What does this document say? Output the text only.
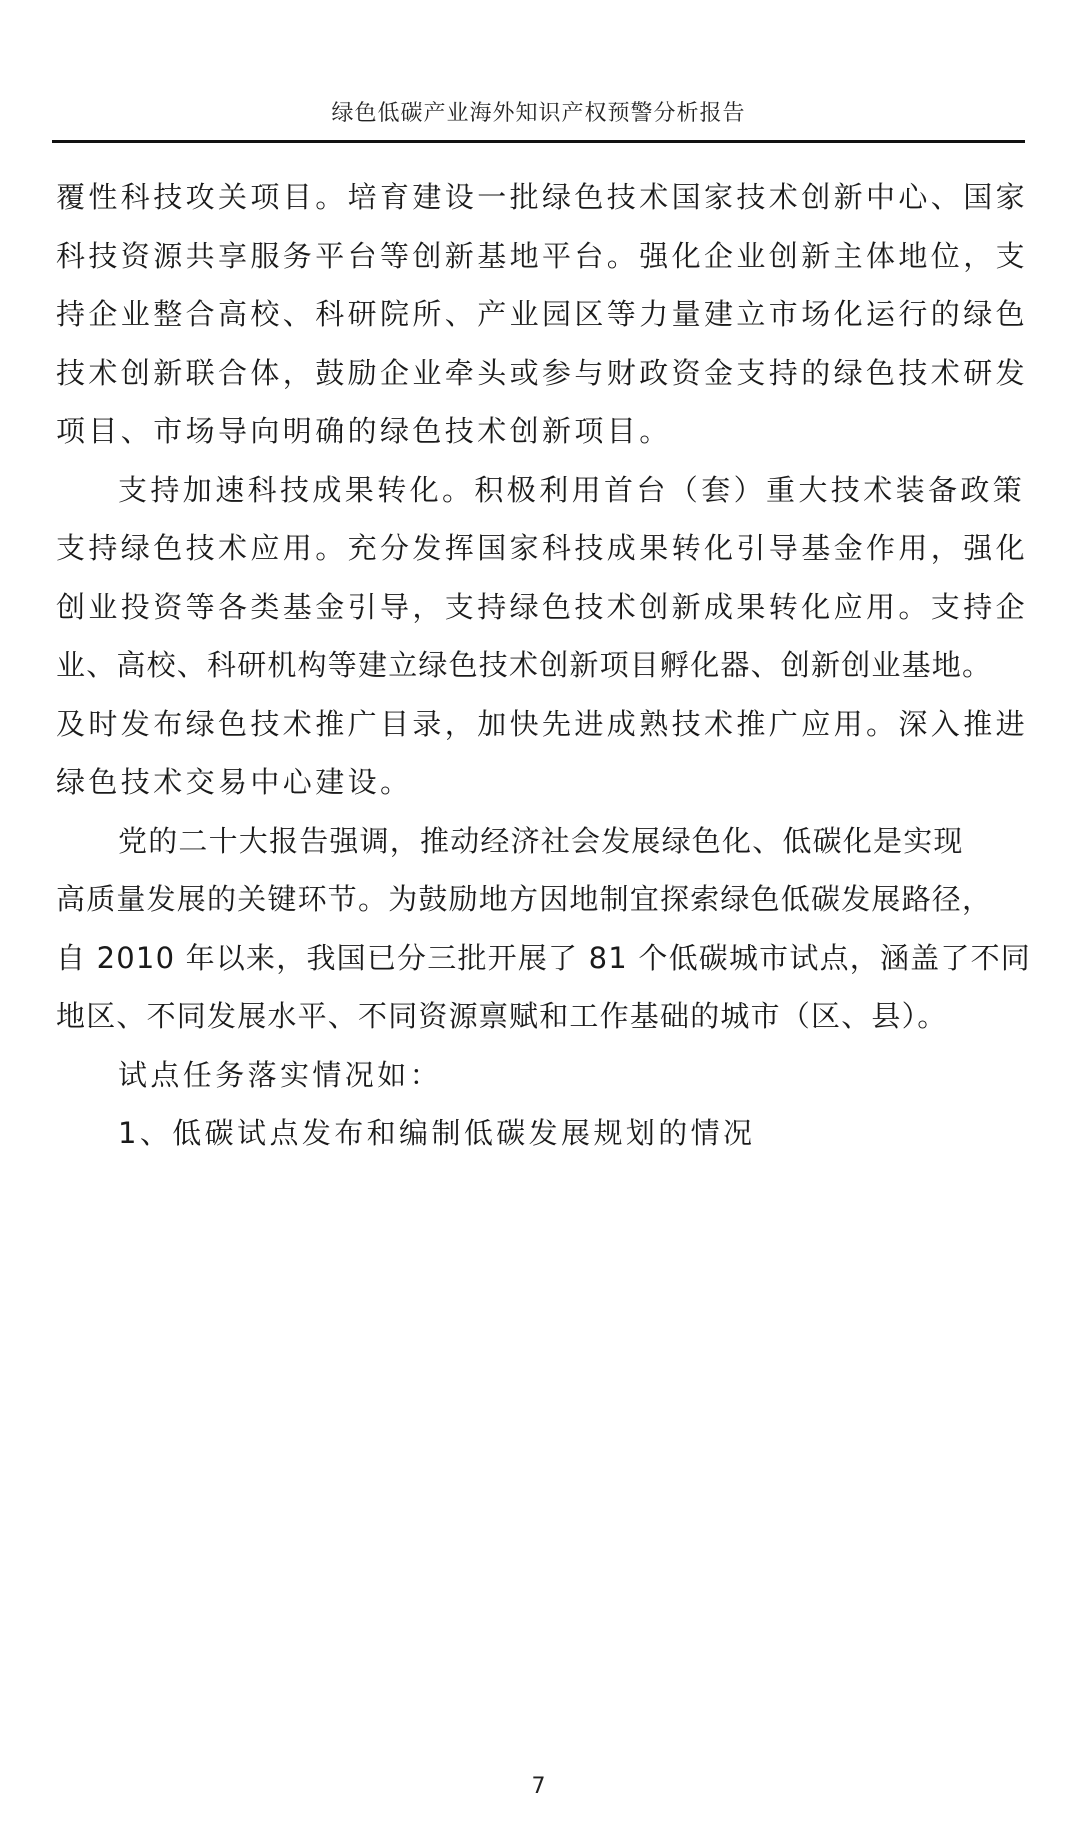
绿色低碳产业海外知识产权预警分析报告
覆性科技攻关项目。培育建设一批绿色技术国家技术创新中心、国家
科技资源共享服务平台等创新基地平台。强化企业创新主体地位，支
持企业整合高校、科研院所、产业园区等力量建立市场化运行的绿色
技术创新联合体，鼓励企业牵头或参与财政资金支持的绿色技术研发
项目、市场导向明确的绿色技术创新项目。
支持加速科技成果转化。积极利用首台（套）重大技术装备政策
支持绿色技术应用。充分发挥国家科技成果转化引导基金作用，强化
创业投资等各类基金引导，支持绿色技术创新成果转化应用。支持企
业、高校、科研机构等建立绿色技术创新项目孵化器、创新创业基地。
及时发布绿色技术推广目录，加快先进成熟技术推广应用。深入推进
绿色技术交易中心建设。
党的二十大报告强调，推动经济社会发展绿色化、低碳化是实现
高质量发展的关键环节。为鼓励地方因地制宜探索绿色低碳发展路径，
自 2010 年以来，我国已分三批开展了 81 个低碳城市试点，涵盖了不同
地区、不同发展水平、不同资源禀赋和工作基础的城市（区、县）。
试点任务落实情况如：
1、低碳试点发布和编制低碳发展规划的情况
7
